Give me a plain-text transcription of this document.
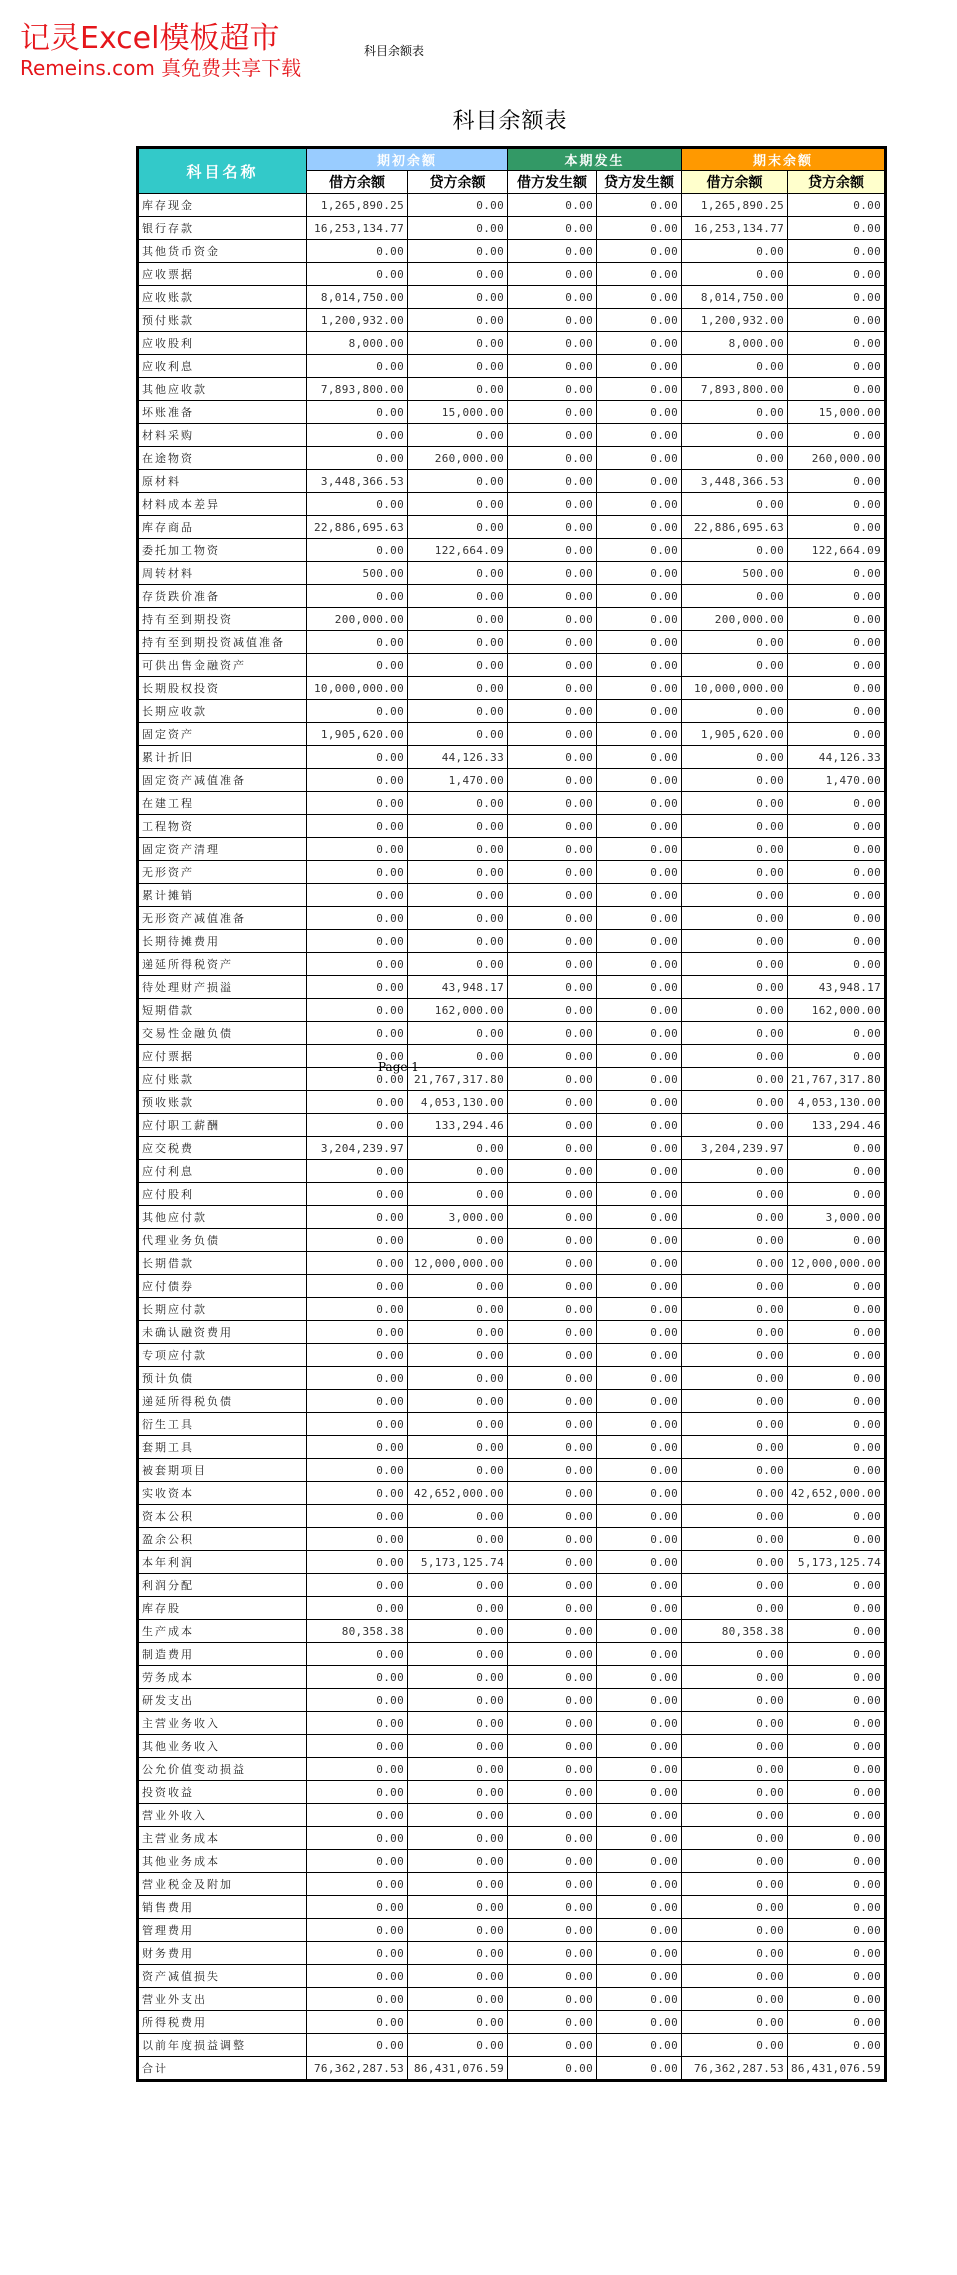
记灵Excel模板超市
Remeins.com 真免费共享下载
科目余额表
科目余额表
科目名称	期初余额		本期发生		期末余额	
	借方余额	贷方余额	借方发生额	贷方发生额	借方余额	贷方余额
库存现金	1,265,890.25	0.00	0.00	0.00	1,265,890.25	0.00
银行存款	16,253,134.77	0.00	0.00	0.00	16,253,134.77	0.00
其他货币资金	0.00	0.00	0.00	0.00	0.00	0.00
应收票据	0.00	0.00	0.00	0.00	0.00	0.00
应收账款	8,014,750.00	0.00	0.00	0.00	8,014,750.00	0.00
预付账款	1,200,932.00	0.00	0.00	0.00	1,200,932.00	0.00
应收股利	8,000.00	0.00	0.00	0.00	8,000.00	0.00
应收利息	0.00	0.00	0.00	0.00	0.00	0.00
其他应收款	7,893,800.00	0.00	0.00	0.00	7,893,800.00	0.00
坏账准备	0.00	15,000.00	0.00	0.00	0.00	15,000.00
材料采购	0.00	0.00	0.00	0.00	0.00	0.00
在途物资	0.00	260,000.00	0.00	0.00	0.00	260,000.00
原材料	3,448,366.53	0.00	0.00	0.00	3,448,366.53	0.00
材料成本差异	0.00	0.00	0.00	0.00	0.00	0.00
库存商品	22,886,695.63	0.00	0.00	0.00	22,886,695.63	0.00
委托加工物资	0.00	122,664.09	0.00	0.00	0.00	122,664.09
周转材料	500.00	0.00	0.00	0.00	500.00	0.00
存货跌价准备	0.00	0.00	0.00	0.00	0.00	0.00
持有至到期投资	200,000.00	0.00	0.00	0.00	200,000.00	0.00
持有至到期投资减值准备	0.00	0.00	0.00	0.00	0.00	0.00
可供出售金融资产	0.00	0.00	0.00	0.00	0.00	0.00
长期股权投资	10,000,000.00	0.00	0.00	0.00	10,000,000.00	0.00
长期应收款	0.00	0.00	0.00	0.00	0.00	0.00
固定资产	1,905,620.00	0.00	0.00	0.00	1,905,620.00	0.00
累计折旧	0.00	44,126.33	0.00	0.00	0.00	44,126.33
固定资产减值准备	0.00	1,470.00	0.00	0.00	0.00	1,470.00
在建工程	0.00	0.00	0.00	0.00	0.00	0.00
工程物资	0.00	0.00	0.00	0.00	0.00	0.00
固定资产清理	0.00	0.00	0.00	0.00	0.00	0.00
无形资产	0.00	0.00	0.00	0.00	0.00	0.00
累计摊销	0.00	0.00	0.00	0.00	0.00	0.00
无形资产减值准备	0.00	0.00	0.00	0.00	0.00	0.00
长期待摊费用	0.00	0.00	0.00	0.00	0.00	0.00
递延所得税资产	0.00	0.00	0.00	0.00	0.00	0.00
待处理财产损溢	0.00	43,948.17	0.00	0.00	0.00	43,948.17
短期借款	0.00	162,000.00	0.00	0.00	0.00	162,000.00
交易性金融负债	0.00	0.00	0.00	0.00	0.00	0.00
应付票据	0.00	0.00	0.00	0.00	0.00	0.00
应付账款	0.00	21,767,317.80	0.00	0.00	0.00	21,767,317.80
预收账款	0.00	4,053,130.00	0.00	0.00	0.00	4,053,130.00
应付职工薪酬	0.00	133,294.46	0.00	0.00	0.00	133,294.46
应交税费	3,204,239.97	0.00	0.00	0.00	3,204,239.97	0.00
应付利息	0.00	0.00	0.00	0.00	0.00	0.00
应付股利	0.00	0.00	0.00	0.00	0.00	0.00
其他应付款	0.00	3,000.00	0.00	0.00	0.00	3,000.00
代理业务负债	0.00	0.00	0.00	0.00	0.00	0.00
长期借款	0.00	12,000,000.00	0.00	0.00	0.00	12,000,000.00
应付债券	0.00	0.00	0.00	0.00	0.00	0.00
长期应付款	0.00	0.00	0.00	0.00	0.00	0.00
未确认融资费用	0.00	0.00	0.00	0.00	0.00	0.00
专项应付款	0.00	0.00	0.00	0.00	0.00	0.00
预计负债	0.00	0.00	0.00	0.00	0.00	0.00
递延所得税负债	0.00	0.00	0.00	0.00	0.00	0.00
衍生工具	0.00	0.00	0.00	0.00	0.00	0.00
套期工具	0.00	0.00	0.00	0.00	0.00	0.00
被套期项目	0.00	0.00	0.00	0.00	0.00	0.00
实收资本	0.00	42,652,000.00	0.00	0.00	0.00	42,652,000.00
资本公积	0.00	0.00	0.00	0.00	0.00	0.00
盈余公积	0.00	0.00	0.00	0.00	0.00	0.00
本年利润	0.00	5,173,125.74	0.00	0.00	0.00	5,173,125.74
利润分配	0.00	0.00	0.00	0.00	0.00	0.00
库存股	0.00	0.00	0.00	0.00	0.00	0.00
生产成本	80,358.38	0.00	0.00	0.00	80,358.38	0.00
制造费用	0.00	0.00	0.00	0.00	0.00	0.00
劳务成本	0.00	0.00	0.00	0.00	0.00	0.00
研发支出	0.00	0.00	0.00	0.00	0.00	0.00
主营业务收入	0.00	0.00	0.00	0.00	0.00	0.00
其他业务收入	0.00	0.00	0.00	0.00	0.00	0.00
公允价值变动损益	0.00	0.00	0.00	0.00	0.00	0.00
投资收益	0.00	0.00	0.00	0.00	0.00	0.00
营业外收入	0.00	0.00	0.00	0.00	0.00	0.00
主营业务成本	0.00	0.00	0.00	0.00	0.00	0.00
其他业务成本	0.00	0.00	0.00	0.00	0.00	0.00
营业税金及附加	0.00	0.00	0.00	0.00	0.00	0.00
销售费用	0.00	0.00	0.00	0.00	0.00	0.00
管理费用	0.00	0.00	0.00	0.00	0.00	0.00
财务费用	0.00	0.00	0.00	0.00	0.00	0.00
资产减值损失	0.00	0.00	0.00	0.00	0.00	0.00
营业外支出	0.00	0.00	0.00	0.00	0.00	0.00
所得税费用	0.00	0.00	0.00	0.00	0.00	0.00
以前年度损益调整	0.00	0.00	0.00	0.00	0.00	0.00
合计	76,362,287.53	86,431,076.59	0.00	0.00	76,362,287.53	86,431,076.59
Page 1
